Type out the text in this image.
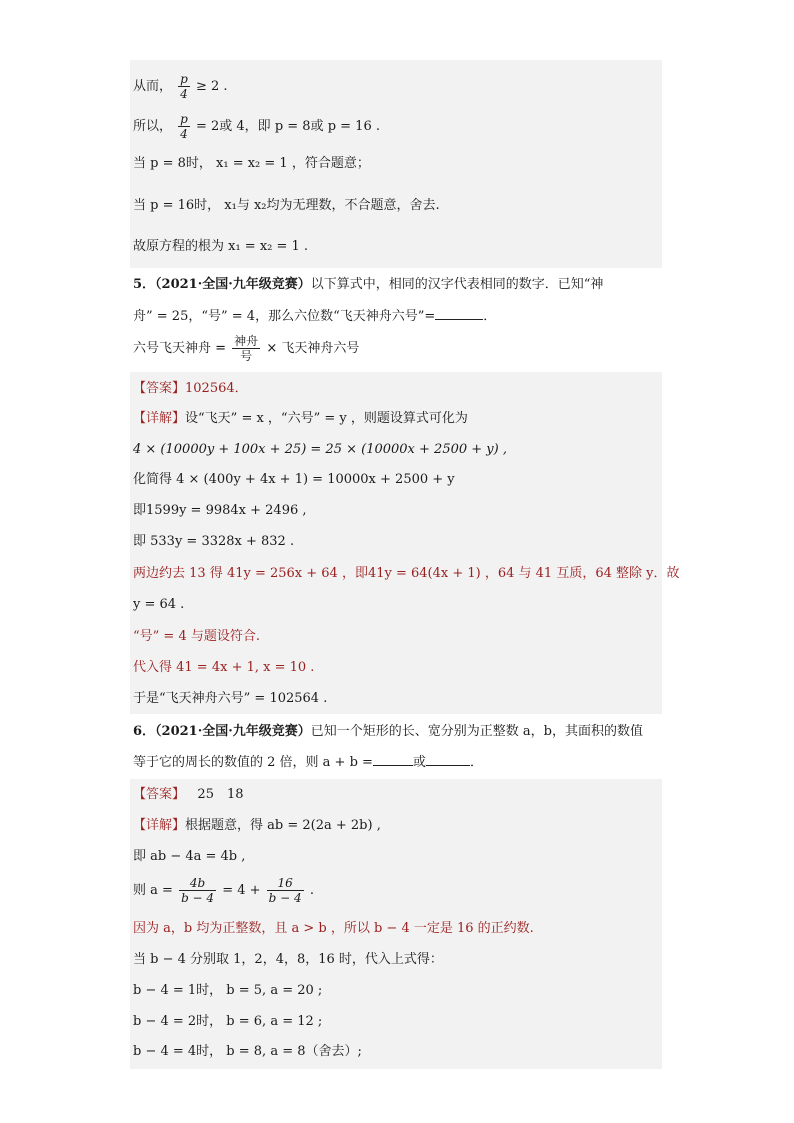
从而， $\frac{p}{4} \ge 2$ .
所以， $\frac{p}{4} = 2$或 4，即 p = 8或 p = 16 .
当 p = 8时， x₁ = x₂ = 1 ，符合题意；
当 p = 16时， x₁与 x₂均为无理数，不合题意，舍去.
故原方程的根为 x₁ = x₂ = 1 .
5．（2021·全国·九年级竞赛）以下算式中，相同的汉字代表相同的数字．已知“神
舟” = 25，“号” = 4，那么六位数“飞天神舟六号”=	．
六号飞天神舟 = $\frac{\text{神舟}}{\text{号}}$ × 飞天神舟六号
【答案】102564．
【详解】设“飞天” = x ，“六号” = y ，则题设算式可化为
4 × (10000y + 100x + 25) = 25 × (10000x + 2500 + y) ,
化简得 4 × (400y + 4x + 1) = 10000x + 2500 + y
即1599y = 9984x + 2496 ,
即 533y = 3328x + 832 .
两边约去 13 得 41y = 256x + 64 ，即41y = 64(4x + 1) ，64 与 41 互质，64 整除 y．故
y = 64 .
“号” = 4 与题设符合.
代入得 41 = 4x + 1, x = 10 .
于是“飞天神舟六号” = 102564 .
6．（2021·全国·九年级竞赛）已知一个矩形的长、宽分别为正整数 a，b，其面积的数值
等于它的周长的数值的 2 倍，则 a + b =	或	．
【答案】 25　18
【详解】根据题意，得 ab = 2(2a + 2b) ,
即 ab − 4a = 4b ,
则 $a = \frac{4b}{b - 4} = 4 + \frac{16}{b - 4}$ .
因为 a，b 均为正整数，且 a > b ，所以 b − 4 一定是 16 的正约数.
当 b − 4 分别取 1，2，4，8，16 时，代入上式得：
b − 4 = 1时， b = 5, a = 20 ;
b − 4 = 2时， b = 6, a = 12 ;
b − 4 = 4时， b = 8, a = 8（舍去）;
